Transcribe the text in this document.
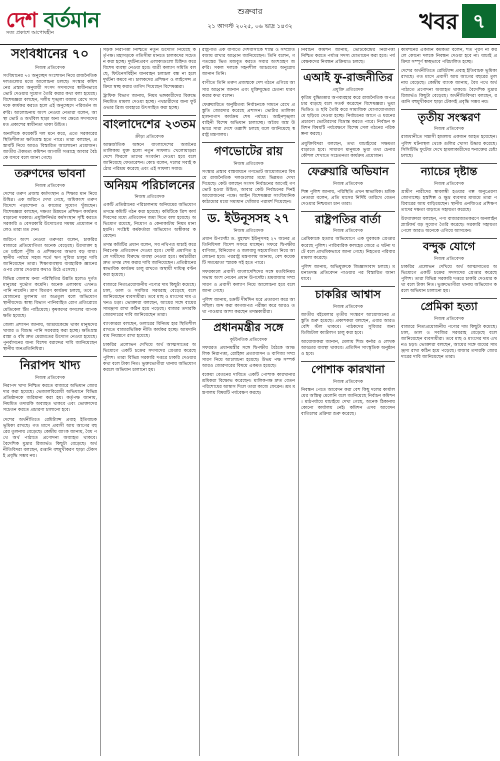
দেশ বর্তমান
সত্য প্রকাশে আপোষহীন
শুক্রবার
২১ আগস্ট ২০২৫, ০৬ ভাদ্র ১৪৩২	খবর ৭
সংবিধানের ৭০

নিজস্ব প্রতিবেদক

সংবিধানের ৭০ অনুচ্ছেদ সংশোধন নিয়ে রাজনৈতিক দলগুলোর মধ্যে আলোচনা চলছে। সংস্কার কমিশনের প্রস্তাব অনুযায়ী সংসদ সদস্যদের স্বাধীনভাবে ভোট দেওয়ার সুযোগ তৈরি করার কথা বলা হয়েছে। বিশেষজ্ঞরা বলছেন, দলীয় শৃঙ্খলা বজায় রেখে সংসদকে কার্যকর করতে হলে এই অনুচ্ছেদে পরিবর্তন জরুরি। আলোচনায় অংশ নেওয়া নেতারা বলেন, আস্থা ভোট ও অর্থবিল ছাড়া অন্য সব ক্ষেত্রে সদস্যদের মত প্রকাশের স্বাধীনতা থাকা উচিত।

অন্যদিকে কয়েকটি দল মনে করে, এতে সরকারের স্থিতিশীলতা ক্ষতিগ্রস্ত হতে পারে। তারা বলছেন, প্রস্তাবটি নিয়ে আরও বিস্তারিত আলোচনা প্রয়োজন। জাতীয় ঐকমত্য কমিশন আগামী সপ্তাহে আবার বৈঠকে বসবে বলে জানা গেছে।

তরুণদের ভাবনা

নিজস্ব প্রতিবেদক

দেশের তরুণ প্রজন্ম কর্মসংস্থান ও শিক্ষার মান নিয়ে উদ্বিগ্ন। এক জরিপে দেখা গেছে, অধিকাংশ তরুণ বিদেশে পড়াশোনা ও কাজের সুযোগ খুঁজছেন। বিশেষজ্ঞরা বলছেন, দক্ষতা উন্নয়নে প্রশিক্ষণ কার্যক্রম বাড়ানো দরকার। প্রযুক্তিনির্ভর কর্মসংস্থান সৃষ্টি করতে সরকারি ও বেসরকারি উদ্যোগের সমন্বয় প্রয়োজন বলেও তারা মত দেন।

জরিপে অংশ নেওয়া তরুণরা বলেন, চাকরির বাজারে প্রতিযোগিতা অনেক বেড়েছে। উদ্যোক্তা হতে চাইলে পুঁজি ও প্রশিক্ষণের অভাব বড় বাধা। স্থানীয় পর্যায়ে সহজ শর্তে ঋণ সুবিধা চালুর দাবি জানিয়েছেন তারা। শিক্ষাব্যবস্থায় ব্যবহারিক জ্ঞানের ওপর জোর দেওয়ার কথাও উঠে এসেছে।

বিভিন্ন জেলায় বন্যা পরিস্থিতির উন্নতি হলেও দুর্গত মানুষের দুর্ভোগ কমেনি। অনেক এলাকায় এখনও পানি নামেনি। ত্রাণ বিতরণ কার্যক্রম চলছে, তবে প্রয়োজনের তুলনায় তা অপ্রতুল বলে অভিযোগ স্থানীয়দের। স্বাস্থ্য বিভাগ পানিবাহিত রোগ প্রতিরোধে মেডিকেল টিম পাঠিয়েছে। কৃষকদের ফসলের ব্যাপক ক্ষতি হয়েছে।

জেলা প্রশাসন জানায়, আশ্রয়কেন্দ্রে থাকা মানুষদের খাবার ও বিশুদ্ধ পানি সরবরাহ করা হচ্ছে। ক্ষতিগ্রস্ত রাস্তা ও বাঁধ দ্রুত মেরামতের উদ্যোগ নেওয়া হয়েছে। পুনর্বাসনের জন্য বিশেষ বরাদ্দের দাবি জানিয়েছেন স্থানীয় জনপ্রতিনিধিরা।

নিরাপদ খাদ্য

নিজস্ব প্রতিবেদক

নিরাপদ খাদ্য নিশ্চিত করতে বাজারে অভিযান জোরদার করা হয়েছে। ভেজালবিরোধী অভিযানে বিভিন্ন প্রতিষ্ঠানকে জরিমানা করা হয়। কর্তৃপক্ষ জানায়, নিয়মিত তদারকি অব্যাহত থাকবে এবং ভোক্তাদের সচেতন করতে প্রচারণা চালানো হবে।

দেশের অর্থনীতিতে রেমিট্যান্স প্রবাহ ইতিবাচক ভূমিকা রাখছে। গত মাসে প্রবাসী আয় আগের বছরের তুলনায় বেড়েছে। কেন্দ্রীয় ব্যাংক জানায়, বৈধ পথে অর্থ পাঠাতে প্রণোদনা অব্যাহত থাকবে। বৈদেশিক মুদ্রার রিজার্ভও কিছুটা বেড়েছে। অর্থনীতিবিদরা বলছেন, রপ্তানি বহুমুখীকরণ ছাড়া টেকসই প্রবৃদ্ধি সম্ভব নয়।

সড়ক নিরাপত্তা নিশ্চিতে নতুন উদ্যোগ নিয়েছে কর্তৃপক্ষ। মহাসড়কে গতিসীমা মানতে চালকদের সচেতন করা হচ্ছে। দুর্ঘটনাপ্রবণ এলাকাগুলো চিহ্নিত করে বিশেষ ব্যবস্থা নেওয়া হবে। যাত্রী কল্যাণ সমিতি বলছে, ফিটনেসবিহীন যানবাহন চলাচল বন্ধ না হলে দুর্ঘটনা কমবে না। চালকদের প্রশিক্ষণ ও লাইসেন্স প্রক্রিয়া স্বচ্ছ করার তাগিদ দিয়েছেন বিশেষজ্ঞরা।

ট্রাফিক বিভাগ জানায়, নিয়ম ভঙ্গকারীদের বিরুদ্ধে নিয়মিত মামলা দেওয়া হচ্ছে। পথচারীদের জন্য ফুটওভার ব্রিজ ব্যবহারে উৎসাহিত করা হচ্ছে।

বাংলাদেশের ২৩তম

ক্রীড়া প্রতিবেদক

আন্তর্জাতিক অঙ্গনে বাংলাদেশের অর্জনের তালিকায় যুক্ত হলো নতুন সাফল্য। খেলোয়াড়রা দেশে ফিরলে তাদের সংবর্ধনা দেওয়া হবে বলে জানিয়েছে ফেডারেশন। কোচ বলেন, দলের সবাই কঠোর পরিশ্রম করেছে এবং এই সাফল্য সবার।

অনিয়ম পরিচালনের

নিজস্ব প্রতিবেদক

একটি প্রতিষ্ঠানের পরিচালনায় অনিয়মের অভিযোগ তদন্তে কমিটি গঠন করা হয়েছে। কমিটিকে ত্রিশ কার্যদিবসের মধ্যে প্রতিবেদন জমা দিতে বলা হয়েছে। অভিযোগ রয়েছে, নিয়োগ ও কেনাকাটায় নিয়ম মানা হয়নি। সংশ্লিষ্ট কর্মকর্তারা অভিযোগ অস্বীকার করেছেন।

তদন্ত কমিটির প্রধান বলেন, সব নথিপত্র যাচাই করে নিরপেক্ষ প্রতিবেদন দেওয়া হবে। দোষী প্রমাণিত হলে দায়ীদের বিরুদ্ধে ব্যবস্থা নেওয়া হবে। কর্মচারীরা দ্রুত তদন্ত শেষ করার দাবি জানিয়েছেন। প্রতিষ্ঠানের স্বাভাবিক কার্যক্রম চালু রাখতে অস্থায়ী দায়িত্ব বণ্টন করা হয়েছে।

বাজারে নিত্যপ্রয়োজনীয় পণ্যের দাম কিছুটা কমেছে। চাল, ডাল ও সবজির সরবরাহ বেড়েছে বলে জানিয়েছেন ব্যবসায়ীরা। তবে মাছ ও মাংসের দাম এখনও চড়া। ভোক্তারা বলছেন, আয়ের সঙ্গে ব্যয়ের সামঞ্জস্য রাখা কঠিন হয়ে পড়েছে। বাজার তদারকি জোরদারের দাবি জানিয়েছেন তারা।

ব্যাংকাররা বলছেন, ডলারের বিনিময় হার স্থিতিশীল রাখতে বাজারভিত্তিক নীতি কার্যকর হচ্ছে। আমদানি ব্যয় নিয়ন্ত্রণে রাখা হয়েছে।

চাকরির প্রলোভন দেখিয়ে অর্থ আত্মসাতের অভিযোগে একটি চক্রের সদস্যদের গ্রেপ্তার করেছে পুলিশ। তারা বিভিন্ন সরকারি দপ্তরে চাকরি দেওয়ার কথা বলে টাকা নিত। ভুক্তভোগীরা থানায় অভিযোগ করলে অভিযান চালানো হয়।

রাষ্ট্রপতি এক বাণীতে দেশবাসীকে শান্তি ও সম্প্রীতি বজায় রাখার আহ্বান জানিয়েছেন। তিনি বলেন, গণতন্ত্রের ভিত মজবুত করতে সবার অংশগ্রহণ জরুরি। সকল দলকে সহনশীল আচরণের অনুরোধ জানান তিনি।

বাণীতে তিনি তরুণ প্রজন্মকে দেশ গঠনে এগিয়ে আসার আহ্বান জানান এবং মুক্তিযুদ্ধের চেতনা ধারণ করার কথা বলেন।

ফেব্রুয়ারিতে অনুষ্ঠিতব্য নির্বাচনকে সামনে রেখে প্রস্তুতি জোরদার করেছে প্রশাসন। ভোটার তালিকা হালনাগাদ কার্যক্রম শেষ পর্যায়ে। আইনশৃঙ্খলা বাহিনী বিশেষ অভিযান চালাচ্ছে। অবৈধ অস্ত্র উদ্ধারে সারা দেশে তল্লাশি চলছে বলে জানিয়েছে স্বরাষ্ট্র মন্ত্রণালয়।

গণভোটের রায়

নিজস্ব প্রতিবেদক

সংস্কার প্রস্তাব বাস্তবায়নে গণভোট আয়োজনের বিষয়ে রাজনৈতিক দলগুলোর মধ্যে ভিন্নমত দেখা দিয়েছে। কেউ বলছেন সংসদ নির্বাচনের আগেই গণভোট হওয়া উচিত, আবার কেউ নির্বাচনের দিনই আয়োজনের পক্ষে। আইন বিশেষজ্ঞরা সাংবিধানিক কাঠামোর মধ্যে সমাধান খোঁজার পরামর্শ দিয়েছেন।

ড. ইউনূসসহ ২৭

নিজস্ব প্রতিবেদক

প্রধান উপদেষ্টা ড. মুহাম্মদ ইউনূসসহ ২৭ জনের প্রতিনিধিদল বিদেশ সফরে যাচ্ছেন। সফরে দ্বিপক্ষীয় বাণিজ্য, বিনিয়োগ ও জলবায়ু সহযোগিতা নিয়ে আলোচনা হবে। পররাষ্ট্র মন্ত্রণালয় জানায়, বেশ কয়েকটি সমঝোতা স্মারক সই হতে পারে।

সফরকালে প্রবাসী বাংলাদেশিদের সঙ্গে মতবিনিময় সভায় অংশ নেবেন প্রধান উপদেষ্টা। শ্রমবাজার সম্প্রসারণ ও প্রবাসী কল্যাণ নিয়ে আলোচনা হবে বলে জানা গেছে।

পুলিশ জানায়, চক্রটি দীর্ঘদিন ধরে প্রতারণা করে আসছিল। জব্দ করা কাগজপত্র পরীক্ষা করে আরও তথ্য পাওয়ার আশা করছেন তদন্তকারীরা।

প্রধানমন্ত্রীর সঙ্গে

কূটনৈতিক প্রতিবেদক

সফররত প্রধানমন্ত্রীর সঙ্গে দ্বিপক্ষীয় বৈঠকে আঞ্চলিক নিরাপত্তা, রোহিঙ্গা প্রত্যাবাসন ও বাণিজ্য সম্প্রসারণ নিয়ে আলোচনা হয়েছে। উভয় পক্ষ সম্পর্ক আরও জোরদারের বিষয়ে একমত হয়েছে।

বকেয়া বেতনের দাবিতে একটি পোশাক কারখানার শ্রমিকরা বিক্ষোভ করেছেন। মালিকপক্ষ দ্রুত বেতন পরিশোধের আশ্বাস দিলে তারা কাজে ফেরেন। শ্রম মন্ত্রণালয় বিষয়টি পর্যবেক্ষণ করছে।

নির্বাচন কমিশন জানায়, ভোটকেন্দ্রের নিরাপত্তা নিশ্চিত করতে পর্যাপ্ত সদস্য মোতায়েন করা হবে। পর্যবেক্ষকদের নিবন্ধন প্রক্রিয়াও চলছে।

এআই ফু-রাজনীতির

প্রযুক্তি প্রতিবেদক

কৃত্রিম বুদ্ধিমত্তার অপব্যবহার করে রাজনৈতিক অপপ্রচার বাড়ছে বলে সতর্ক করেছেন বিশেষজ্ঞরা। ভুয়া ভিডিও ও ছবি তৈরি করে সামাজিক যোগাযোগমাধ্যমে ছড়িয়ে দেওয়া হচ্ছে। নির্বাচনের আগে এ ধরনের প্রচারণা ভোটারদের বিভ্রান্ত করতে পারে। নির্বাচন কমিশন বিষয়টি পর্যবেক্ষণে বিশেষ সেল গঠনের পরিকল্পনা করছে।

প্রযুক্তিবিদরা বলছেন, তথ্য যাচাইয়ের সক্ষমতা বাড়াতে হবে। সাধারণ মানুষকে ভুয়া তথ্য চেনার কৌশল শেখাতে সচেতনতা কার্যক্রম প্রয়োজন।

ফেব্রুয়ারি অভিযান

নিজস্ব প্রতিবেদক

শিল্প পুলিশ জানায়, পরিস্থিতি এখন স্বাভাবিক। শ্রমিক নেতারা বলেন, প্রতি মাসের নির্দিষ্ট তারিখে বেতন দেওয়ার নিশ্চয়তা চান তারা।

রাষ্ট্রপতির বার্তা

নিজস্ব প্রতিবেদক

প্রেমিকাকে হত্যার অভিযোগে এক যুবককে গ্রেপ্তার করেছে পুলিশ। পারিবারিক কলহের জেরে এ ঘটনা ঘটে বলে প্রাথমিকভাবে জানা গেছে। নিহতের পরিবার মামলা করেছে।

পুলিশ জানায়, অভিযুক্তকে জিজ্ঞাসাবাদ চলছে। ময়নাতদন্ত প্রতিবেদন পাওয়ার পর বিস্তারিত জানা যাবে।

চাকরির আশ্বাস

নিজস্ব প্রতিবেদক

জাতীয় বইমেলার তৃতীয় সংস্করণ আয়োজনের প্রস্তুতি শুরু হয়েছে। প্রকাশকরা বলছেন, এবার আরও বেশি স্টল থাকবে। পাঠকদের সুবিধার জন্য ডিজিটাল ক্যাটালগ চালু করা হবে।

আয়োজকরা জানান, মেলায় শিশু কর্নার ও লেখক আড্ডার ব্যবস্থা থাকবে। প্রতিদিন সাংস্কৃতিক অনুষ্ঠানও হবে।

পোশাক কারখানা

নিজস্ব প্রতিবেদক

নিবন্ধন পেতে আবেদন করা বেশ কিছু দলের কার্যালয়ের অস্তিত্ব মেলেনি বলে জানিয়েছে নির্বাচন কমিশন। মাঠপর্যায়ে যাচাইয়ে দেখা গেছে, অনেক ঠিকানায় কোনো কার্যালয় নেই। কমিশন এসব আবেদন বাতিলের প্রক্রিয়া শুরু করেছে।

কমিশনের একজন কর্মকর্তা বলেন, শর্ত পূরণ না করলে কোনো দলকে নিবন্ধন দেওয়া হবে না। যাচাই প্রক্রিয়া সম্পূর্ণ স্বচ্ছভাবে পরিচালিত হচ্ছে।

দেশের অর্থনীতিতে রেমিট্যান্স প্রবাহ ইতিবাচক ভূমিকা রাখছে। গত মাসে প্রবাসী আয় আগের বছরের তুলনায় বেড়েছে। কেন্দ্রীয় ব্যাংক জানায়, বৈধ পথে অর্থ পাঠাতে প্রণোদনা অব্যাহত থাকবে। বৈদেশিক মুদ্রার রিজার্ভও কিছুটা বেড়েছে। অর্থনীতিবিদরা বলছেন, রপ্তানি বহুমুখীকরণ ছাড়া টেকসই প্রবৃদ্ধি সম্ভব নয়।

তৃতীয় সংস্করণ

নিজস্ব প্রতিবেদক

রাজধানীতে সন্ত্রাসী হামলায় একজন আহত হয়েছেন। পুলিশ ঘটনাস্থল থেকে গুলির খোসা উদ্ধার করেছে। সিসিটিভি ফুটেজ দেখে হামলাকারীদের শনাক্তের চেষ্টা চলছে।

ন্যাচের দৃষ্টান্ত

নিজস্ব প্রতিবেদক

গ্রামীণ নারীদের স্বাবলম্বী হওয়ার গল্প অনুপ্রেরণা জোগাচ্ছে। হস্তশিল্প ও ক্ষুদ্র ব্যবসার মাধ্যমে তারা পরিবারের আয় বাড়িয়েছেন। স্থানীয় এনজিওর প্রশিক্ষণ তাদের দক্ষতা বাড়াতে সহায়তা করেছে।

উদ্যোক্তারা বলছেন, পণ্য বাজারজাতকরণে অনলাইন প্ল্যাটফর্ম বড় সুযোগ তৈরি করেছে। সরকারি সহায়তা পেলে আরও অনেকে এগিয়ে আসবেন।

বন্দুক যোগে

নিজস্ব প্রতিবেদক

চাকরির প্রলোভন দেখিয়ে অর্থ আত্মসাতের অভিযোগে একটি চক্রের সদস্যদের গ্রেপ্তার করেছে পুলিশ। তারা বিভিন্ন সরকারি দপ্তরে চাকরি দেওয়ার কথা বলে টাকা নিত। ভুক্তভোগীরা থানায় অভিযোগ করলে অভিযান চালানো হয়।

প্রেমিকা হত্যা

নিজস্ব প্রতিবেদক

বাজারে নিত্যপ্রয়োজনীয় পণ্যের দাম কিছুটা কমেছে। চাল, ডাল ও সবজির সরবরাহ বেড়েছে বলে জানিয়েছেন ব্যবসায়ীরা। তবে মাছ ও মাংসের দাম এখনও চড়া। ভোক্তারা বলছেন, আয়ের সঙ্গে ব্যয়ের সামঞ্জস্য রাখা কঠিন হয়ে পড়েছে। বাজার তদারকি জোরদারের দাবি জানিয়েছেন তারা।
